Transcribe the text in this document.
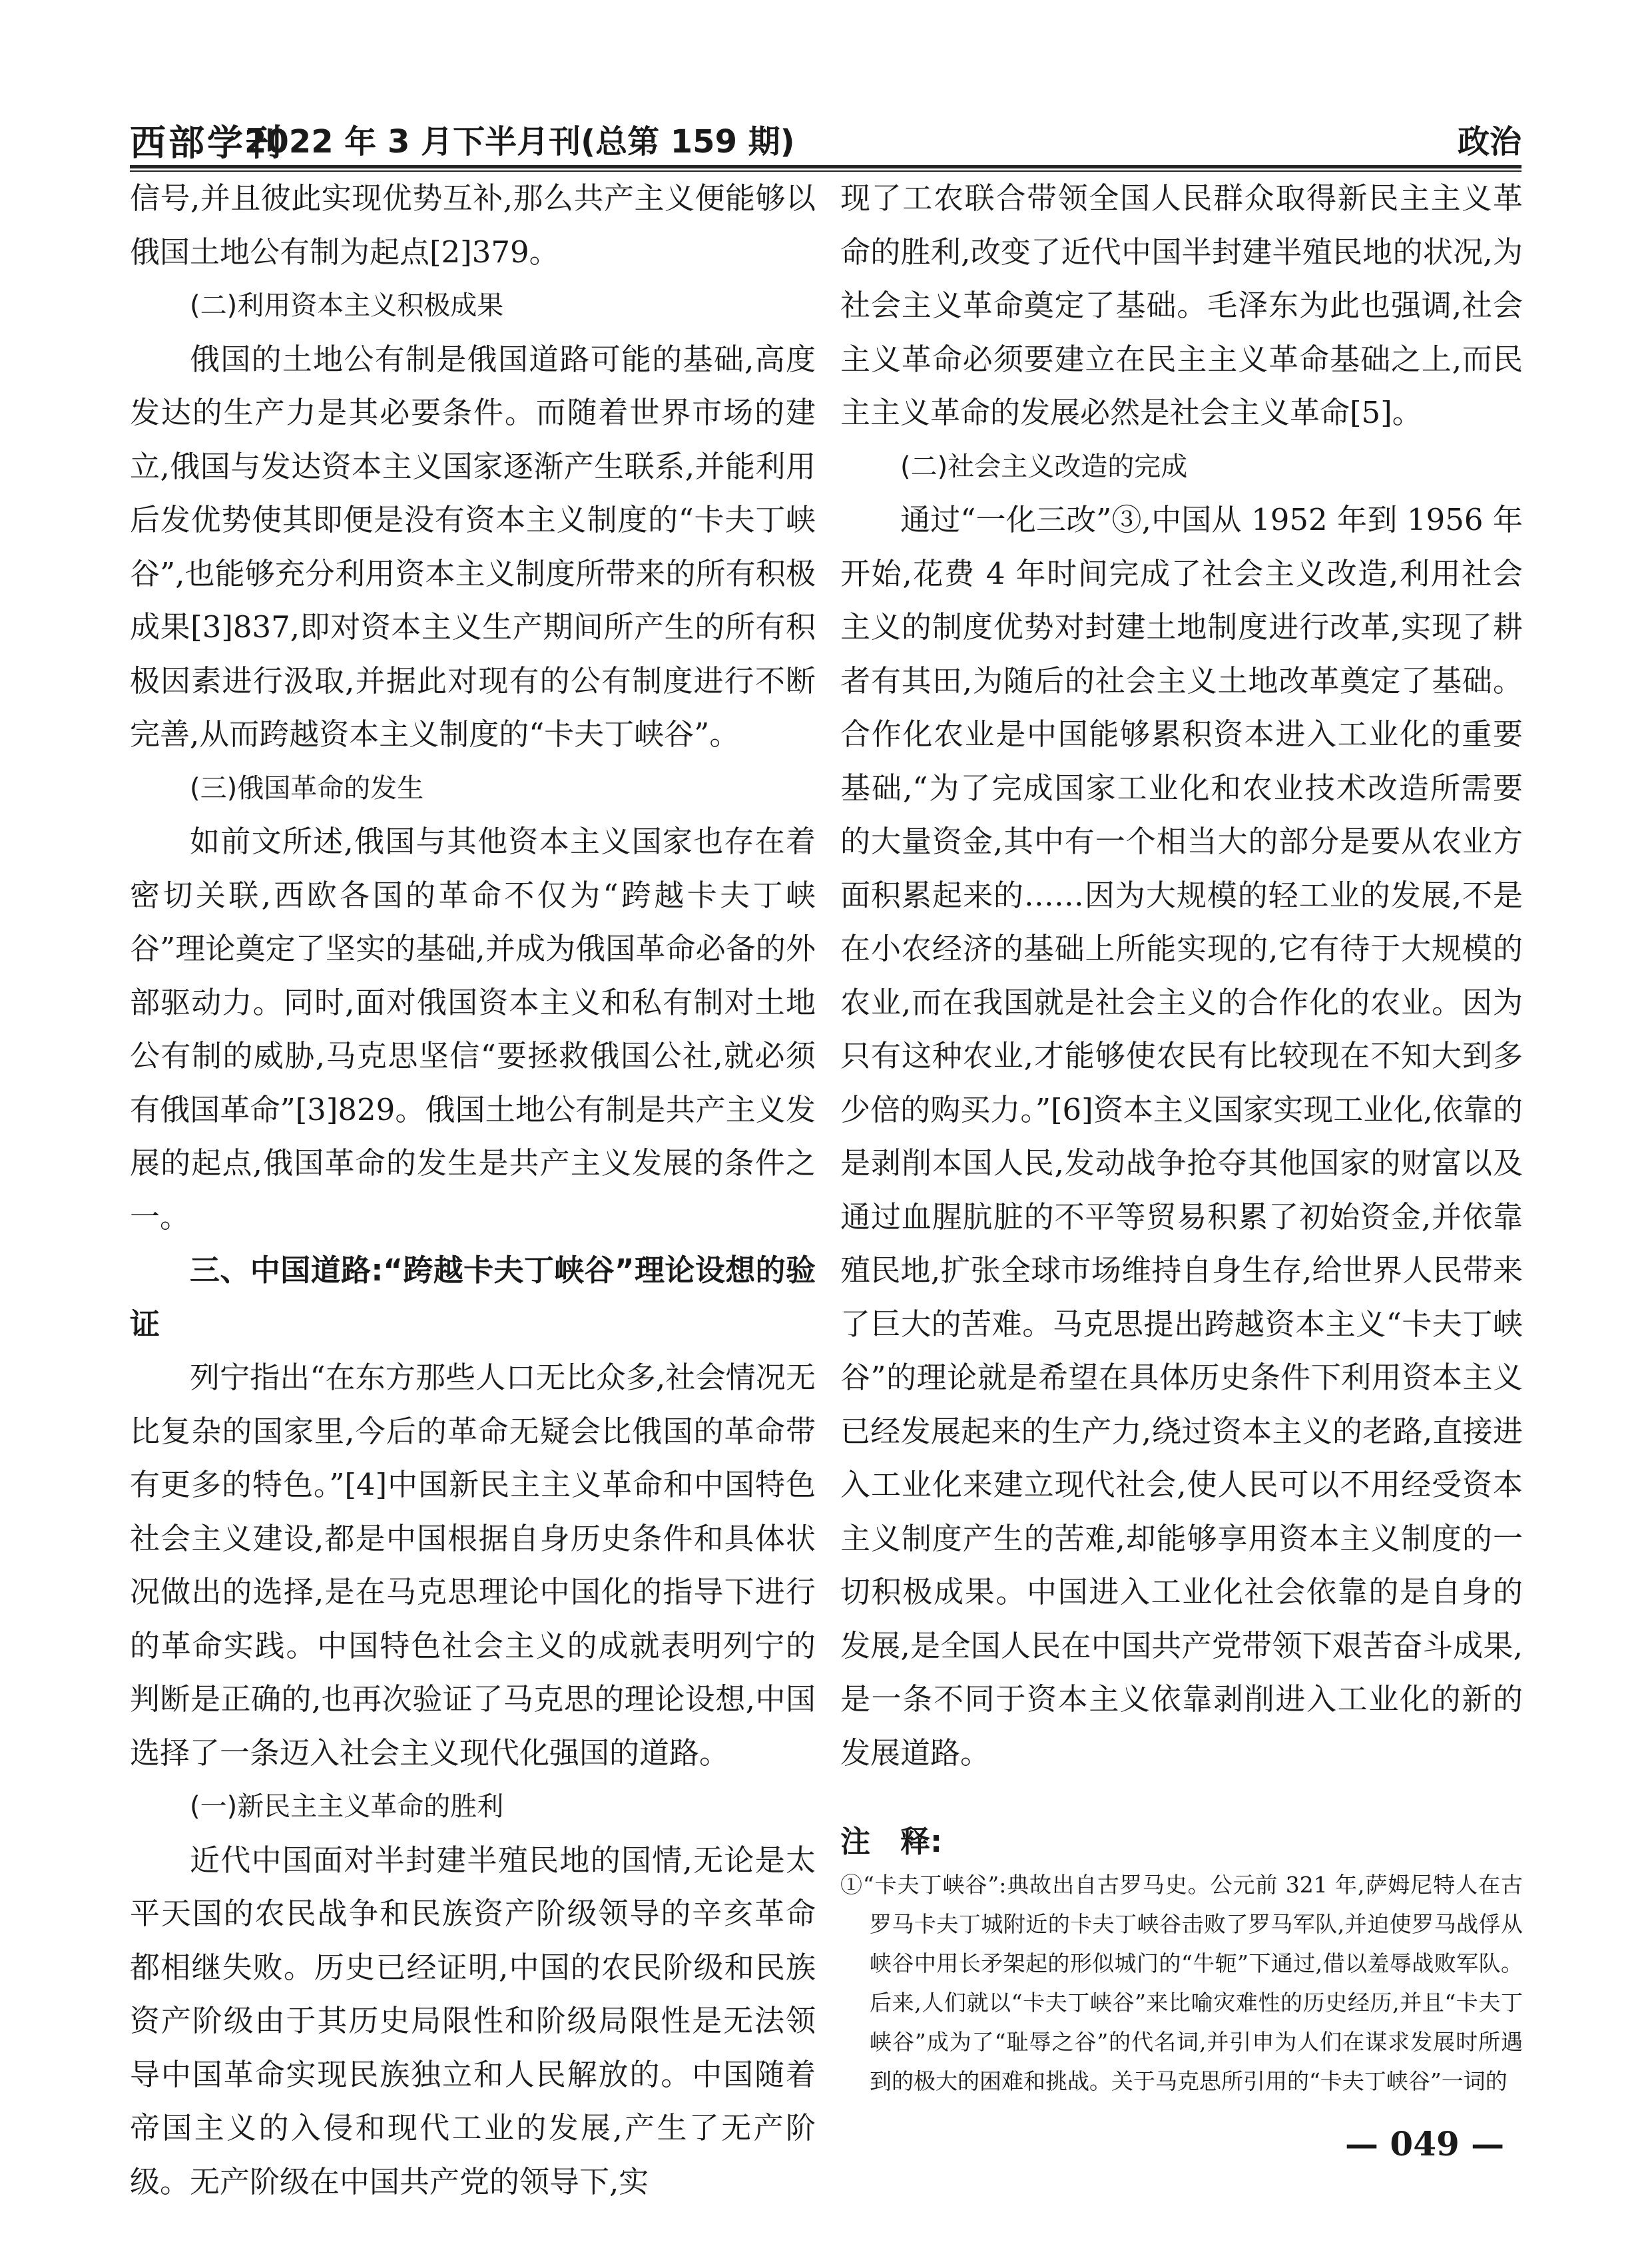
西部学刊
2022 年 3 月下半月刊(总第 159 期)	政治

信号,并且彼此实现优势互补,那么共产主义便能够以俄国土地公有制为起点[2]379。

(二)利用资本主义积极成果

俄国的土地公有制是俄国道路可能的基础,高度发达的生产力是其必要条件。而随着世界市场的建立,俄国与发达资本主义国家逐渐产生联系,并能利用后发优势使其即便是没有资本主义制度的“卡夫丁峡谷”,也能够充分利用资本主义制度所带来的所有积极成果[3]837,即对资本主义生产期间所产生的所有积极因素进行汲取,并据此对现有的公有制度进行不断完善,从而跨越资本主义制度的“卡夫丁峡谷”。

(三)俄国革命的发生

如前文所述,俄国与其他资本主义国家也存在着密切关联,西欧各国的革命不仅为“跨越卡夫丁峡谷”理论奠定了坚实的基础,并成为俄国革命必备的外部驱动力。同时,面对俄国资本主义和私有制对土地公有制的威胁,马克思坚信“要拯救俄国公社,就必须有俄国革命”[3]829。俄国土地公有制是共产主义发展的起点,俄国革命的发生是共产主义发展的条件之一。

三、中国道路:“跨越卡夫丁峡谷”理论设想的验证

列宁指出“在东方那些人口无比众多,社会情况无比复杂的国家里,今后的革命无疑会比俄国的革命带有更多的特色。”[4]中国新民主主义革命和中国特色社会主义建设,都是中国根据自身历史条件和具体状况做出的选择,是在马克思理论中国化的指导下进行的革命实践。中国特色社会主义的成就表明列宁的判断是正确的,也再次验证了马克思的理论设想,中国选择了一条迈入社会主义现代化强国的道路。

(一)新民主主义革命的胜利

近代中国面对半封建半殖民地的国情,无论是太平天国的农民战争和民族资产阶级领导的辛亥革命都相继失败。历史已经证明,中国的农民阶级和民族资产阶级由于其历史局限性和阶级局限性是无法领导中国革命实现民族独立和人民解放的。中国随着帝国主义的入侵和现代工业的发展,产生了无产阶级。无产阶级在中国共产党的领导下,实

现了工农联合带领全国人民群众取得新民主主义革命的胜利,改变了近代中国半封建半殖民地的状况,为社会主义革命奠定了基础。毛泽东为此也强调,社会主义革命必须要建立在民主主义革命基础之上,而民主主义革命的发展必然是社会主义革命[5]。

(二)社会主义改造的完成

通过“一化三改”③,中国从 1952 年到 1956 年开始,花费 4 年时间完成了社会主义改造,利用社会主义的制度优势对封建土地制度进行改革,实现了耕者有其田,为随后的社会主义土地改革奠定了基础。合作化农业是中国能够累积资本进入工业化的重要基础,“为了完成国家工业化和农业技术改造所需要的大量资金,其中有一个相当大的部分是要从农业方面积累起来的……因为大规模的轻工业的发展,不是在小农经济的基础上所能实现的,它有待于大规模的农业,而在我国就是社会主义的合作化的农业。因为只有这种农业,才能够使农民有比较现在不知大到多少倍的购买力。”[6]资本主义国家实现工业化,依靠的是剥削本国人民,发动战争抢夺其他国家的财富以及通过血腥肮脏的不平等贸易积累了初始资金,并依靠殖民地,扩张全球市场维持自身生存,给世界人民带来了巨大的苦难。马克思提出跨越资本主义“卡夫丁峡谷”的理论就是希望在具体历史条件下利用资本主义已经发展起来的生产力,绕过资本主义的老路,直接进入工业化来建立现代社会,使人民可以不用经受资本主义制度产生的苦难,却能够享用资本主义制度的一切积极成果。中国进入工业化社会依靠的是自身的发展,是全国人民在中国共产党带领下艰苦奋斗成果,是一条不同于资本主义依靠剥削进入工业化的新的发展道路。

注　释:

①“卡夫丁峡谷”:典故出自古罗马史。公元前 321 年,萨姆尼特人在古罗马卡夫丁城附近的卡夫丁峡谷击败了罗马军队,并迫使罗马战俘从峡谷中用长矛架起的形似城门的“牛轭”下通过,借以羞辱战败军队。后来,人们就以“卡夫丁峡谷”来比喻灾难性的历史经历,并且“卡夫丁峡谷”成为了“耻辱之谷”的代名词,并引申为人们在谋求发展时所遇到的极大的困难和挑战。关于马克思所引用的“卡夫丁峡谷”一词的

— 049 —
